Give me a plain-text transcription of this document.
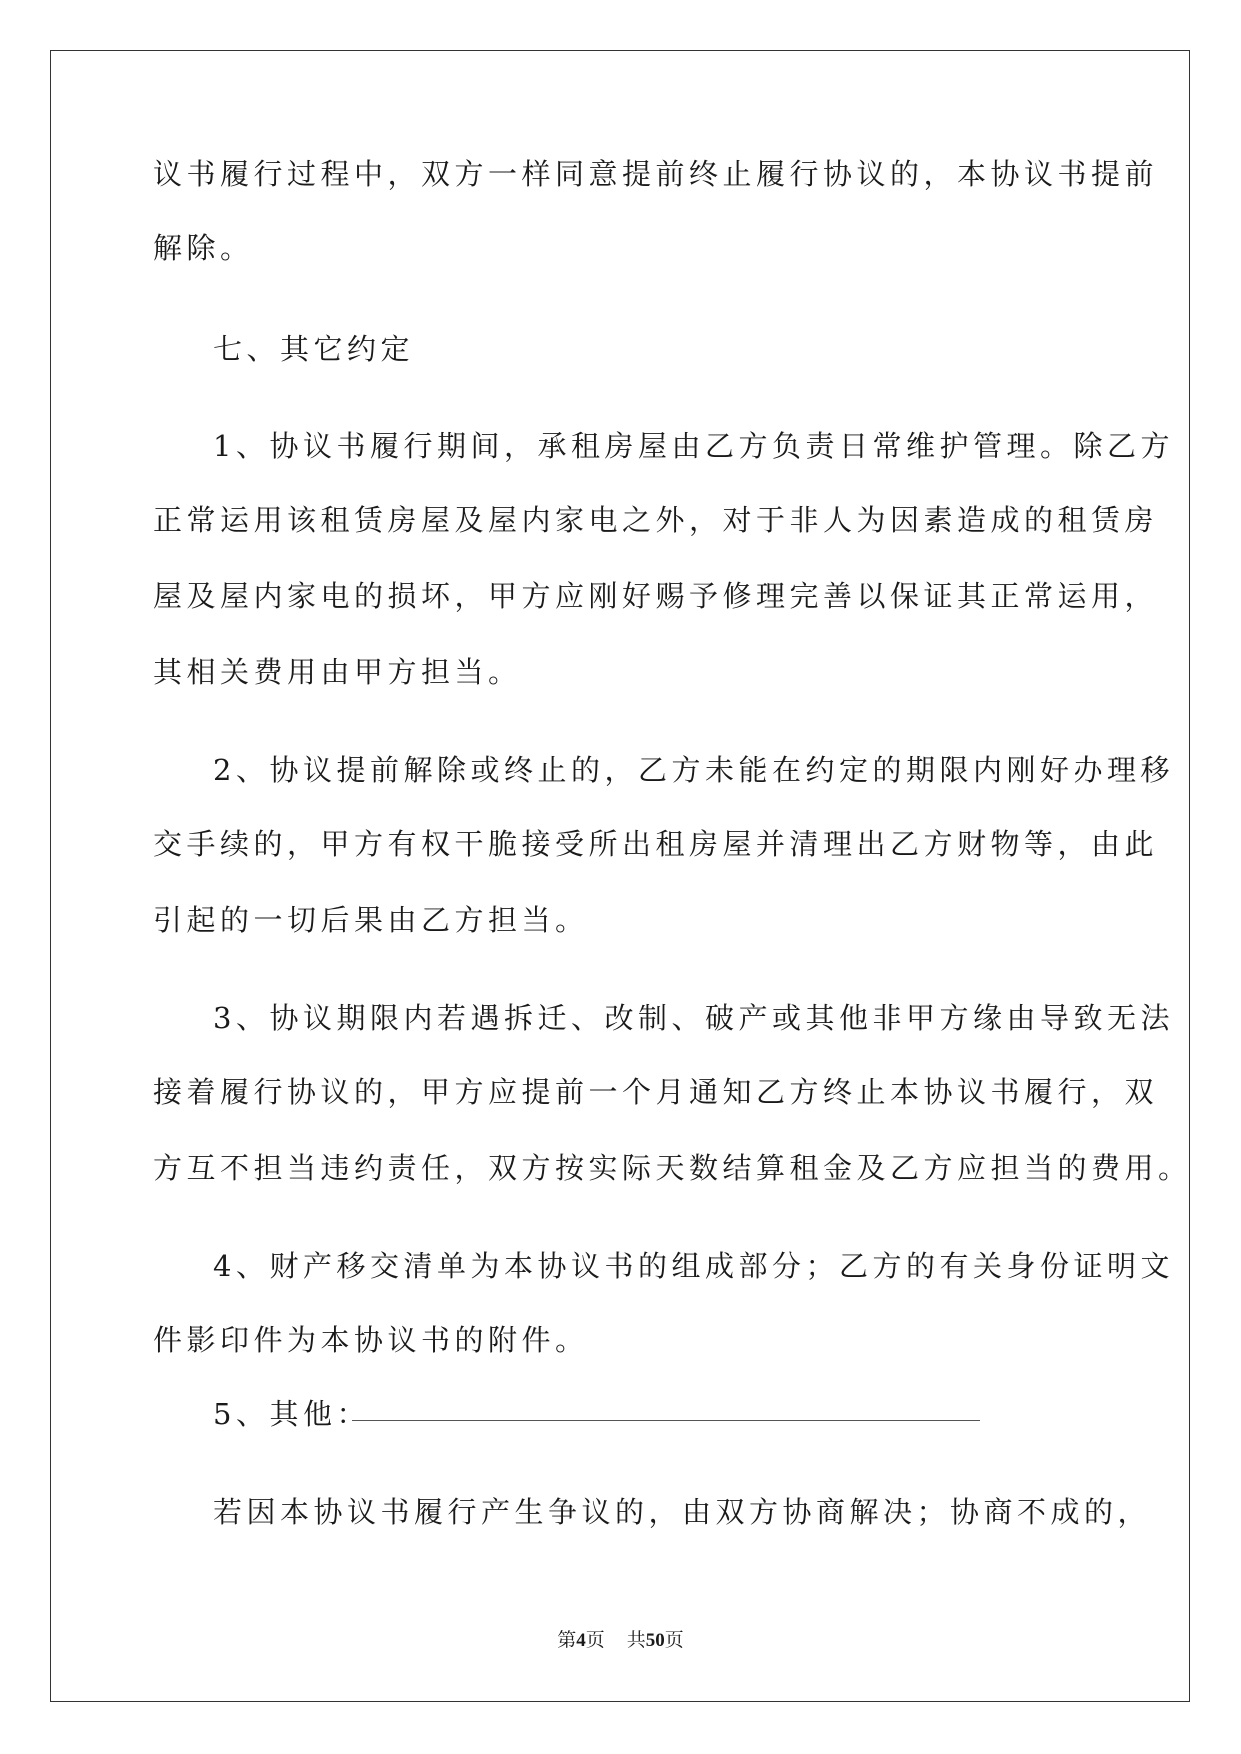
议书履行过程中，双方一样同意提前终止履行协议的，本协议书提前
解除。
七、其它约定
1、协议书履行期间，承租房屋由乙方负责日常维护管理。除乙方
正常运用该租赁房屋及屋内家电之外，对于非人为因素造成的租赁房
屋及屋内家电的损坏，甲方应刚好赐予修理完善以保证其正常运用，
其相关费用由甲方担当。
2、协议提前解除或终止的，乙方未能在约定的期限内刚好办理移
交手续的，甲方有权干脆接受所出租房屋并清理出乙方财物等，由此
引起的一切后果由乙方担当。
3、协议期限内若遇拆迁、改制、破产或其他非甲方缘由导致无法
接着履行协议的，甲方应提前一个月通知乙方终止本协议书履行，双
方互不担当违约责任，双方按实际天数结算租金及乙方应担当的费用。
4、财产移交清单为本协议书的组成部分；乙方的有关身份证明文
件影印件为本协议书的附件。
5、其他：
若因本协议书履行产生争议的，由双方协商解决；协商不成的，
第4页 共50页
